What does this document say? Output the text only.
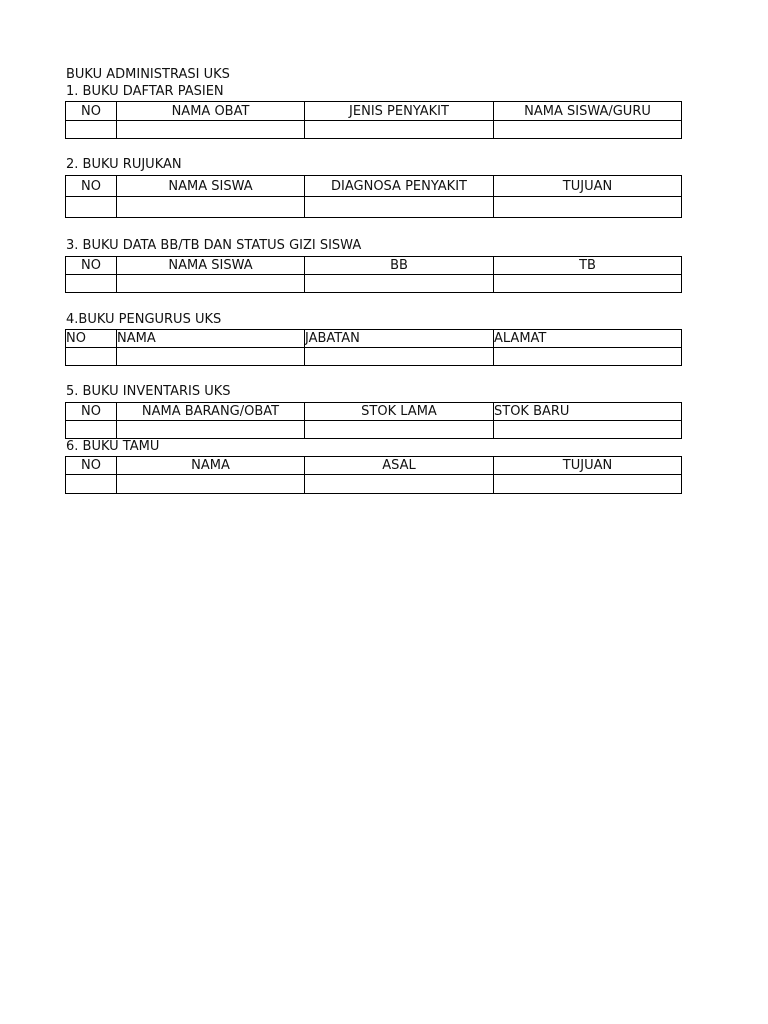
BUKU ADMINISTRASI UKS
1. BUKU DAFTAR PASIEN
NO	NAMA OBAT	JENIS PENYAKIT	NAMA SISWA/GURU

2. BUKU RUJUKAN
NO	NAMA SISWA	DIAGNOSA PENYAKIT	TUJUAN

3. BUKU DATA BB/TB DAN STATUS GIZI SISWA
NO	NAMA SISWA	BB	TB

4.BUKU PENGURUS UKS
NO	NAMA	JABATAN	ALAMAT

5. BUKU INVENTARIS UKS
NO	NAMA BARANG/OBAT	STOK LAMA	STOK BARU

6. BUKU TAMU
NO	NAMA	ASAL	TUJUAN
